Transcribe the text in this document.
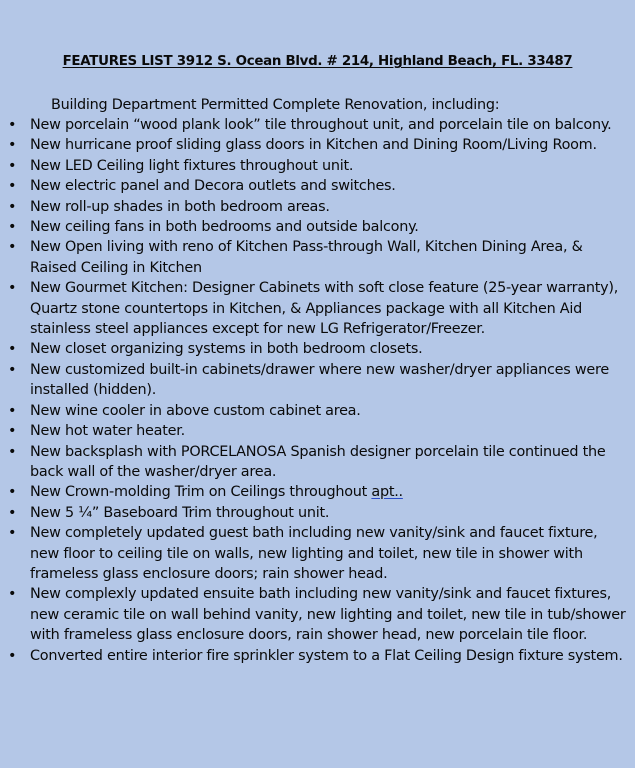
FEATURES LIST 3912 S. Ocean Blvd. # 214, Highland Beach, FL. 33487

Building Department Permitted Complete Renovation, including:

• New porcelain “wood plank look” tile throughout unit, and porcelain tile on balcony.
• New hurricane proof sliding glass doors in Kitchen and Dining Room/Living Room.
• New LED Ceiling light fixtures throughout unit.
• New electric panel and Decora outlets and switches.
• New roll-up shades in both bedroom areas.
• New ceiling fans in both bedrooms and outside balcony.
• New Open living with reno of Kitchen Pass-through Wall, Kitchen Dining Area, & Raised Ceiling in Kitchen
• New Gourmet Kitchen: Designer Cabinets with soft close feature (25-year warranty), Quartz stone countertops in Kitchen, & Appliances package with all Kitchen Aid stainless steel appliances except for new LG Refrigerator/Freezer.
• New closet organizing systems in both bedroom closets.
• New customized built-in cabinets/drawer where new washer/dryer appliances were installed (hidden).
• New wine cooler in above custom cabinet area.
• New hot water heater.
• New backsplash with PORCELANOSA Spanish designer porcelain tile continued the back wall of the washer/dryer area.
• New Crown-molding Trim on Ceilings throughout apt..
• New 5 ¼” Baseboard Trim throughout unit.
• New completely updated guest bath including new vanity/sink and faucet fixture, new floor to ceiling tile on walls, new lighting and toilet, new tile in shower with frameless glass enclosure doors; rain shower head.
• New complexly updated ensuite bath including new vanity/sink and faucet fixtures, new ceramic tile on wall behind vanity, new lighting and toilet, new tile in tub/shower with frameless glass enclosure doors, rain shower head, new porcelain tile floor.
• Converted entire interior fire sprinkler system to a Flat Ceiling Design fixture system.
